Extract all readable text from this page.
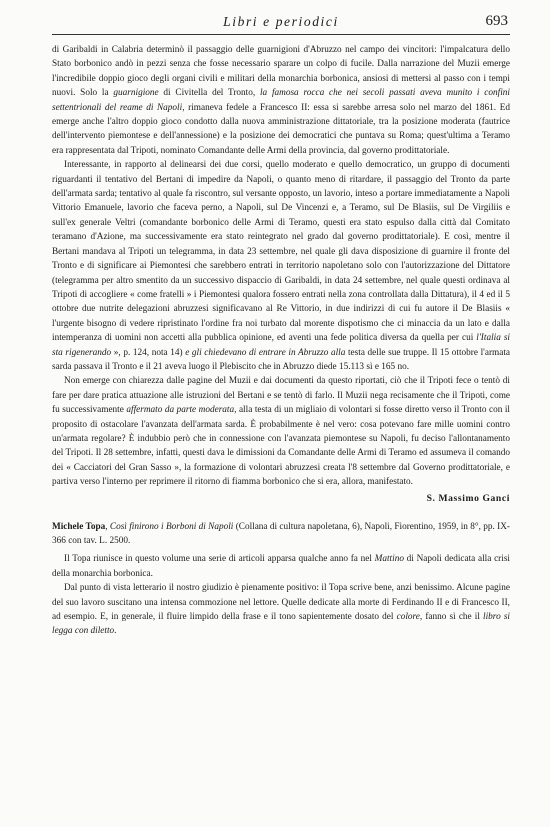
Libri e periodici	693

di Garibaldi in Calabria determinò il passaggio delle guarnigioni d'Abruzzo nel campo dei vincitori: l'impalcatura dello Stato borbonico andò in pezzi senza che fosse necessario sparare un colpo di fucile. Dalla narrazione del Muzii emerge l'incredibile doppio gioco degli organi civili e militari della monarchia borbonica, ansiosi di mettersi al passo con i tempi nuovi. Solo la guarnigione di Civitella del Tronto, la famosa rocca che nei secoli passati aveva munito i confini settentrionali del reame di Napoli, rimaneva fedele a Francesco II: essa si sarebbe arresa solo nel marzo del 1861. Ed emerge anche l'altro doppio gioco condotto dalla nuova amministrazione dittatoriale, tra la posizione moderata (fautrice dell'intervento piemontese e dell'annessione) e la posizione dei democratici che puntava su Roma; quest'ultima a Teramo era rappresentata dal Tripoti, nominato Comandante delle Armi della provincia, dal governo prodittatoriale.

Interessante, in rapporto al delinearsi dei due corsi, quello moderato e quello democratico, un gruppo di documenti riguardanti il tentativo del Bertani di impedire da Napoli, o quanto meno di ritardare, il passaggio del Tronto da parte dell'armata sarda; tentativo al quale fa riscontro, sul versante opposto, un lavorio, inteso a portare immediatamente a Napoli Vittorio Emanuele, lavorio che faceva perno, a Napoli, sul De Vincenzi e, a Teramo, sul De Blasiis, sul De Virgiliis e sull'ex generale Veltri (comandante borbonico delle Armi di Teramo, questi era stato espulso dalla città dal Comitato teramano d'Azione, ma successivamente era stato reintegrato nel grado dal governo prodittatoriale). E così, mentre il Bertani mandava al Tripoti un telegramma, in data 23 settembre, nel quale gli dava disposizione di guarnire il fronte del Tronto e di significare ai Piemontesi che sarebbero entrati in territorio napoletano solo con l'autorizzazione del Dittatore (telegramma per altro smentito da un successivo dispaccio di Garibaldi, in data 24 settembre, nel quale questi ordinava al Tripoti di accogliere « come fratelli » i Piemontesi qualora fossero entrati nella zona controllata dalla Dittatura), il 4 ed il 5 ottobre due nutrite delegazioni abruzzesi significavano al Re Vittorio, in due indirizzi di cui fu autore il De Blasiis « l'urgente bisogno di vedere ripristinato l'ordine fra noi turbato dal morente dispotismo che ci minaccia da un lato e dalla intemperanza di uomini non accetti alla pubblica opinione, ed aventi una fede politica diversa da quella per cui l'Italia si sta rigenerando », p. 124, nota 14) e gli chiedevano di entrare in Abruzzo alla testa delle sue truppe. Il 15 ottobre l'armata sarda passava il Tronto e il 21 aveva luogo il Plebiscito che in Abruzzo diede 15.113 sì e 165 no.

Non emerge con chiarezza dalle pagine del Muzii e dai documenti da questo riportati, ciò che il Tripoti fece o tentò di fare per dare pratica attuazione alle istruzioni del Bertani e se tentò di farlo. Il Muzii nega recisamente che il Tripoti, come fu successivamente affermato da parte moderata, alla testa di un migliaio di volontari si fosse diretto verso il Tronto con il proposito di ostacolare l'avanzata dell'armata sarda. È probabilmente è nel vero: cosa potevano fare mille uomini contro un'armata regolare? È indubbio però che in connessione con l'avanzata piemontese su Napoli, fu deciso l'allontanamento del Tripoti. Il 28 settembre, infatti, questi dava le dimissioni da Comandante delle Armi di Teramo ed assumeva il comando dei « Cacciatori del Gran Sasso », la formazione di volontari abruzzesi creata l'8 settembre dal Governo prodittatoriale, e partiva verso l'interno per reprimere il ritorno di fiamma borbonico che si era, allora, manifestato.

S. Massimo Ganci

Michele Topa, Così finirono i Borboni di Napoli (Collana di cultura napoletana, 6), Napoli, Fiorentino, 1959, in 8°, pp. IX-366 con tav. L. 2500.

Il Topa riunisce in questo volume una serie di articoli apparsa qualche anno fa nel Mattino di Napoli dedicata alla crisi della monarchia borbonica.

Dal punto di vista letterario il nostro giudizio è pienamente positivo: il Topa scrive bene, anzi benissimo. Alcune pagine del suo lavoro suscitano una intensa commozione nel lettore. Quelle dedicate alla morte di Ferdinando II e di Francesco II, ad esempio. E, in generale, il fluire limpido della frase e il tono sapientemente dosato del colore, fanno sì che il libro si legga con diletto.
